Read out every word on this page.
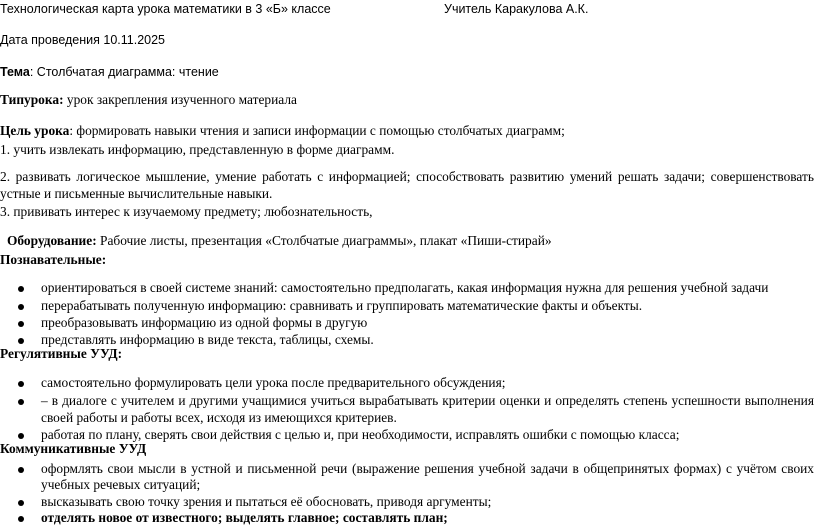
Технологическая карта урока математики в 3 «Б» классе	Учитель Каракулова А.К.
Дата проведения 10.11.2025
Тема: Столбчатая диаграмма: чтение
Типурока: урок закрепления изученного материала
Цель урока: формировать навыки чтения и записи информации с помощью столбчатых диаграмм;
1. учить извлекать информацию, представленную в форме диаграмм.
2. развивать логическое мышление, умение работать с информацией; способствовать развитию умений решать задачи; совершенствовать
устные и письменные вычислительные навыки.
3. прививать интерес к изучаемому предмету; любознательность,
Оборудование: Рабочие листы, презентация «Столбчатые диаграммы», плакат «Пиши-стирай»
Познавательные:
ориентироваться в своей системе знаний: самостоятельно предполагать, какая информация нужна для решения учебной задачи
перерабатывать полученную информацию: сравнивать и группировать математические факты и объекты.
преобразовывать информацию из одной формы в другую
представлять информацию в виде текста, таблицы, схемы.
Регулятивные УУД:
самостоятельно формулировать цели урока после предварительного обсуждения;
– в диалоге с учителем и другими учащимися учиться вырабатывать критерии оценки и определять степень успешности выполнения
своей работы и работы всех, исходя из имеющихся критериев.
работая по плану, сверять свои действия с целью и, при необходимости, исправлять ошибки с помощью класса;
Коммуникативные УУД
оформлять свои мысли в устной и письменной речи (выражение решения учебной задачи в общепринятых формах) с учётом своих
учебных речевых ситуаций;
высказывать свою точку зрения и пытаться её обосновать, приводя аргументы;
отделять новое от известного; выделять главное; составлять план;
